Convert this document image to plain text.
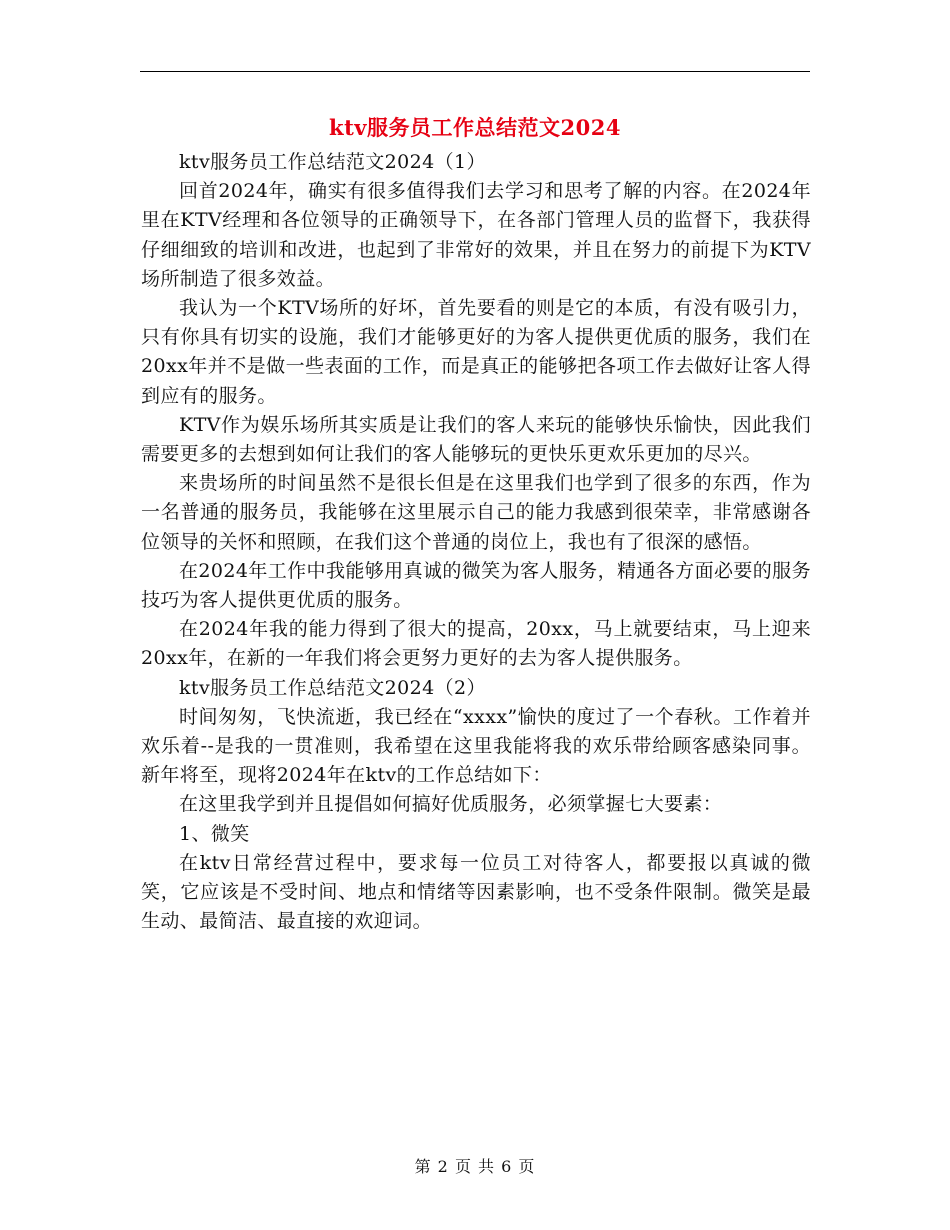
ktv服务员工作总结范文2024

ktv服务员工作总结范文2024（1）

回首2024年，确实有很多值得我们去学习和思考了解的内容。在2024年里在KTV经理和各位领导的正确领导下，在各部门管理人员的监督下，我获得仔细细致的培训和改进，也起到了非常好的效果，并且在努力的前提下为KTV场所制造了很多效益。

我认为一个KTV场所的好坏，首先要看的则是它的本质，有没有吸引力，只有你具有切实的设施，我们才能够更好的为客人提供更优质的服务，我们在20xx年并不是做一些表面的工作，而是真正的能够把各项工作去做好让客人得到应有的服务。

KTV作为娱乐场所其实质是让我们的客人来玩的能够快乐愉快，因此我们需要更多的去想到如何让我们的客人能够玩的更快乐更欢乐更加的尽兴。

来贵场所的时间虽然不是很长但是在这里我们也学到了很多的东西，作为一名普通的服务员，我能够在这里展示自己的能力我感到很荣幸，非常感谢各位领导的关怀和照顾，在我们这个普通的岗位上，我也有了很深的感悟。

在2024年工作中我能够用真诚的微笑为客人服务，精通各方面必要的服务技巧为客人提供更优质的服务。

在2024年我的能力得到了很大的提高，20xx，马上就要结束，马上迎来20xx年，在新的一年我们将会更努力更好的去为客人提供服务。

ktv服务员工作总结范文2024（2）

时间匆匆，飞快流逝，我已经在“xxxx”愉快的度过了一个春秋。工作着并欢乐着--是我的一贯准则，我希望在这里我能将我的欢乐带给顾客感染同事。新年将至，现将2024年在ktv的工作总结如下：

在这里我学到并且提倡如何搞好优质服务，必须掌握七大要素：

1、微笑

在ktv日常经营过程中，要求每一位员工对待客人，都要报以真诚的微笑，它应该是不受时间、地点和情绪等因素影响，也不受条件限制。微笑是最生动、最简洁、最直接的欢迎词。

第 2 页 共 6 页
